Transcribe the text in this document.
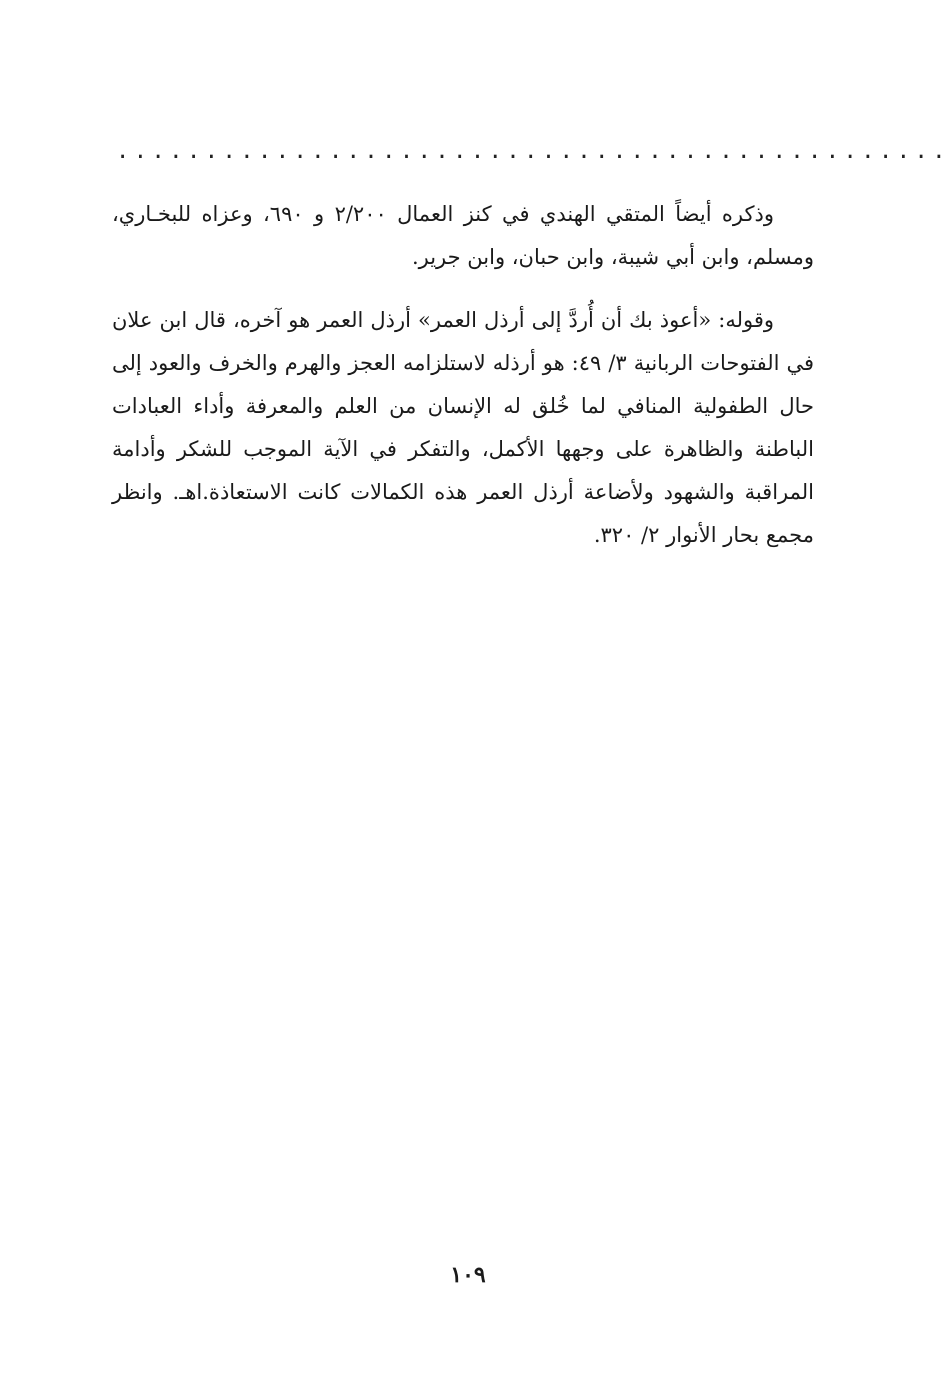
...............................................

وذكره أيضاً المتقي الهندي في كنز العمال ٢/٢٠٠ و ٦٩٠، وعزاه للبخـاري، ومسلم، وابن أبي شيبة، وابن حبان، وابن جرير.

وقوله: «أعوذ بك أن أُردَّ إلى أرذل العمر» أرذل العمر هو آخره، قال ابن علان في الفتوحات الربانية ٣/ ٤٩: هو أرذله لاستلزامه العجز والهرم والخرف والعود إلى حال الطفولية المنافي لما خُلق له الإنسان من العلم والمعرفة وأداء العبادات الباطنة والظاهرة على وجهها الأكمل، والتفكر في الآية الموجب للشكر وأدامة المراقبة والشهود ولأضاعة أرذل العمر هذه الكمالات كانت الاستعاذة.اهـ. وانظر مجمع بحار الأنوار ٢/ ٣٢٠.

١٠٩
